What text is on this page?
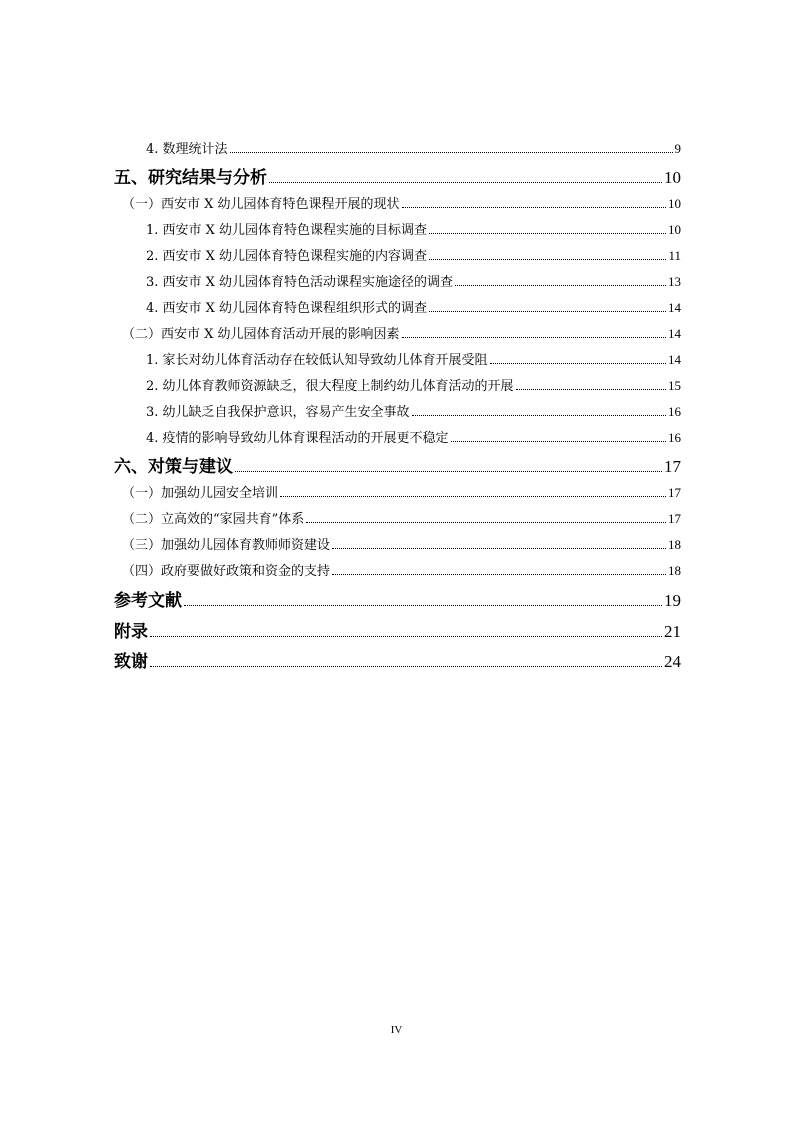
4. 数理统计法	9
五、研究结果与分析	10
（一）西安市 X 幼儿园体育特色课程开展的现状	10
1. 西安市 X 幼儿园体育特色课程实施的目标调查	10
2. 西安市 X 幼儿园体育特色课程实施的内容调查	11
3. 西安市 X 幼儿园体育特色活动课程实施途径的调查	13
4. 西安市 X 幼儿园体育特色课程组织形式的调查	14
（二）西安市 X 幼儿园体育活动开展的影响因素	14
1. 家长对幼儿体育活动存在较低认知导致幼儿体育开展受阻	14
2. 幼儿体育教师资源缺乏，很大程度上制约幼儿体育活动的开展	15
3. 幼儿缺乏自我保护意识，容易产生安全事故	16
4. 疫情的影响导致幼儿体育课程活动的开展更不稳定	16
六、对策与建议	17
（一）加强幼儿园安全培训	17
（二）立高效的“家园共育”体系	17
（三）加强幼儿园体育教师师资建设	18
（四）政府要做好政策和资金的支持	18
参考文献	19
附录	21
致谢	24
IV
